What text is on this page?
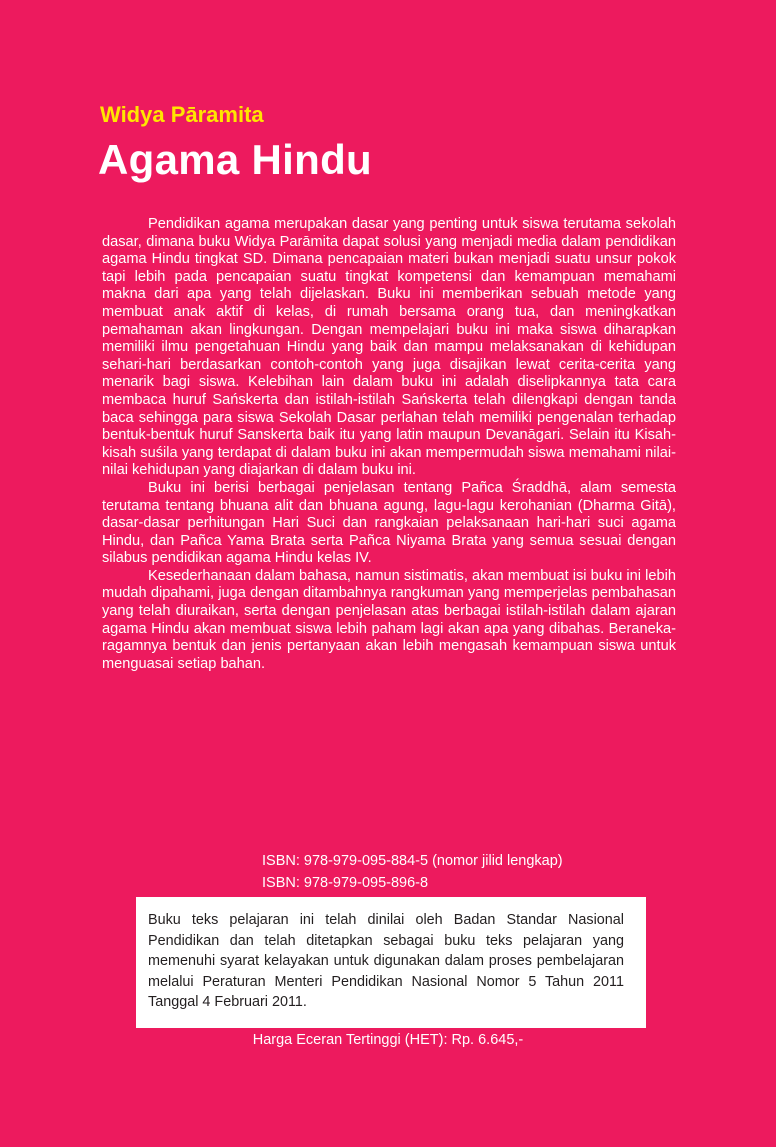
Widya Pāramita
Agama Hindu

Pendidikan agama merupakan dasar yang penting untuk siswa terutama sekolah dasar, dimana buku Widya Parāmita dapat solusi yang menjadi media dalam pendidikan agama Hindu tingkat SD. Dimana pencapaian materi bukan menjadi suatu unsur pokok tapi lebih pada pencapaian suatu tingkat kompetensi dan kemampuan memahami makna dari apa yang telah dijelaskan. Buku ini memberikan sebuah metode yang membuat anak aktif di kelas, di rumah bersama orang tua, dan meningkatkan pemahaman akan lingkungan. Dengan mempelajari buku ini maka siswa diharapkan memiliki ilmu pengetahuan Hindu yang baik dan mampu melaksanakan di kehidupan sehari-hari berdasarkan contoh-contoh yang juga disajikan lewat cerita-cerita yang menarik bagi siswa. Kelebihan lain dalam buku ini adalah diselipkannya tata cara membaca huruf Sańskerta dan istilah-istilah Sańskerta telah dilengkapi dengan tanda baca sehingga para siswa Sekolah Dasar perlahan telah memiliki pengenalan terhadap bentuk-bentuk huruf Sanskerta baik itu yang latin maupun Devanāgari. Selain itu Kisah-kisah suśila yang terdapat di dalam buku ini akan mempermudah siswa memahami nilai-nilai kehidupan yang diajarkan di dalam buku ini.

Buku ini berisi berbagai penjelasan tentang Pañca Śraddhā, alam semesta terutama tentang bhuana alit dan bhuana agung, lagu-lagu kerohanian (Dharma Gitā), dasar-dasar perhitungan Hari Suci dan rangkaian pelaksanaan hari-hari suci agama Hindu, dan Pañca Yama Brata serta Pañca Niyama Brata yang semua sesuai dengan silabus pendidikan agama Hindu kelas IV.

Kesederhanaan dalam bahasa, namun sistimatis, akan membuat isi buku ini lebih mudah dipahami, juga dengan ditambahnya rangkuman yang memperjelas pembahasan yang telah diuraikan, serta dengan penjelasan atas berbagai istilah-istilah dalam ajaran agama Hindu akan membuat siswa lebih paham lagi akan apa yang dibahas. Beraneka-ragamnya bentuk dan jenis pertanyaan akan lebih mengasah kemampuan siswa untuk menguasai setiap bahan.

ISBN: 978-979-095-884-5 (nomor jilid lengkap)
ISBN: 978-979-095-896-8

Buku teks pelajaran ini telah dinilai oleh Badan Standar Nasional Pendidikan dan telah ditetapkan sebagai buku teks pelajaran yang memenuhi syarat kelayakan untuk digunakan dalam proses pembelajaran melalui Peraturan Menteri Pendidikan Nasional Nomor 5 Tahun 2011 Tanggal 4 Februari 2011.

Harga Eceran Tertinggi (HET): Rp. 6.645,-
